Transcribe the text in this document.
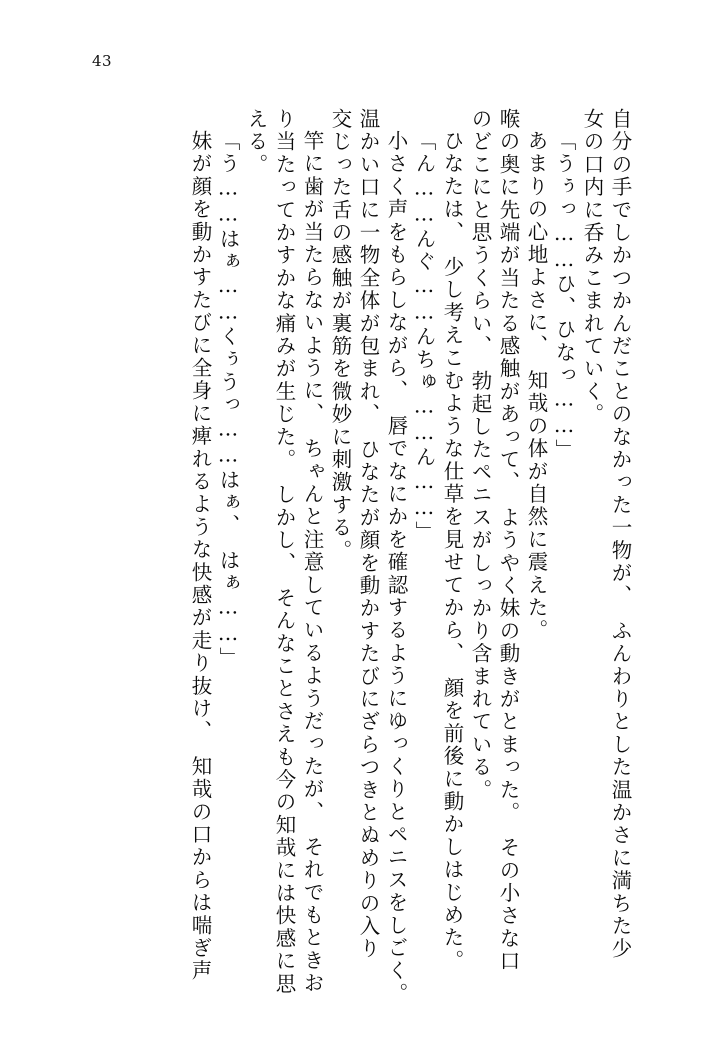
43
自分の手でしかつかんだことのなかった一物が、　ふんわりとした温かさに満ちた少
女の口内に呑みこまれていく。
「うぅっ……ひ、ひなっ……」
あまりの心地よさに、　知哉の体が自然に震えた。
喉の奥に先端が当たる感触があって、　ようやく妹の動きがとまった。　その小さな口
のどこにと思うくらい、　勃起したペニスがしっかり含まれている。
ひなたは、　少し考えこむような仕草を見せてから、　顔を前後に動かしはじめた。
「ん……んぐ……んちゅ……ん……」
小さく声をもらしながら、　唇でなにかを確認するようにゆっくりとペニスをしごく。
温かい口に一物全体が包まれ、　ひなたが顔を動かすたびにざらつきとぬめりの入り
交じった舌の感触が裏筋を微妙に刺激する。
竿に歯が当たらないように、　ちゃんと注意しているようだったが、　それでもときお
り当たってかすかな痛みが生じた。　しかし、　そんなことさえも今の知哉には快感に思
える。
「う……はぁ……くぅうっ……はぁ、　はぁ……」
妹が顔を動かすたびに全身に痺れるような快感が走り抜け、　知哉の口からは喘ぎ声
